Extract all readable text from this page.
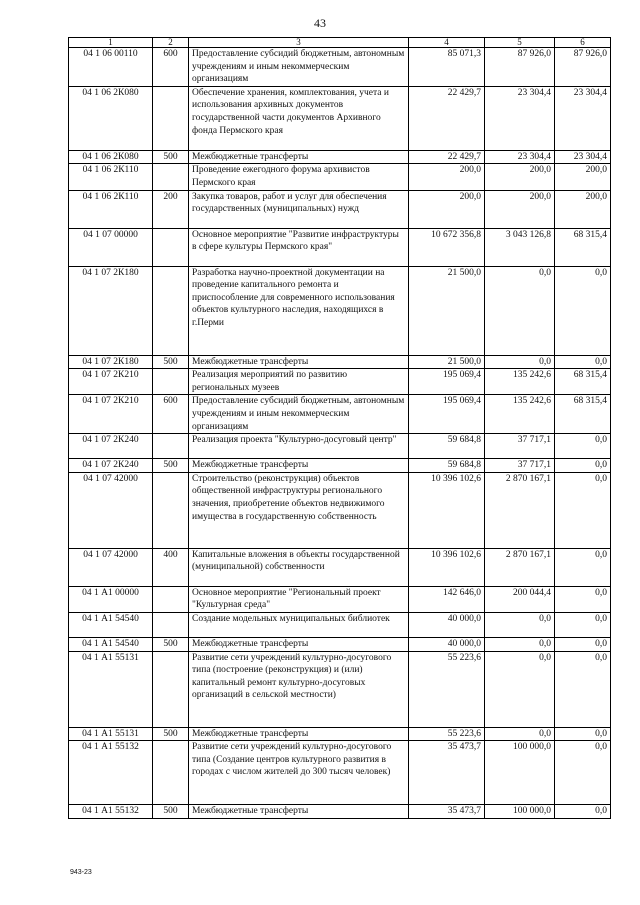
43
1	2	3	4	5	6
04 1 06 00110	600	Предоставление субсидий бюджетным, автономным учреждениям и иным некоммерческим организациям	85 071,3	87 926,0	87 926,0
04 1 06 2К080		Обеспечение хранения, комплектования, учета и использования архивных документов государственной части документов Архивного фонда Пермского края	22 429,7	23 304,4	23 304,4
04 1 06 2К080	500	Межбюджетные трансферты	22 429,7	23 304,4	23 304,4
04 1 06 2К110		Проведение ежегодного форума архивистов Пермского края	200,0	200,0	200,0
04 1 06 2К110	200	Закупка товаров, работ и услуг для обеспечения государственных (муниципальных) нужд	200,0	200,0	200,0
04 1 07 00000		Основное мероприятие "Развитие инфраструктуры в сфере культуры Пермского края"	10 672 356,8	3 043 126,8	68 315,4
04 1 07 2К180		Разработка научно-проектной документации на проведение капитального ремонта и приспособление для современного использования объектов культурного наследия, находящихся в г.Перми	21 500,0	0,0	0,0
04 1 07 2К180	500	Межбюджетные трансферты	21 500,0	0,0	0,0
04 1 07 2К210		Реализация мероприятий по развитию региональных музеев	195 069,4	135 242,6	68 315,4
04 1 07 2К210	600	Предоставление субсидий бюджетным, автономным учреждениям и иным некоммерческим организациям	195 069,4	135 242,6	68 315,4
04 1 07 2К240		Реализация проекта "Культурно-досуговый центр"	59 684,8	37 717,1	0,0
04 1 07 2К240	500	Межбюджетные трансферты	59 684,8	37 717,1	0,0
04 1 07 42000		Строительство (реконструкция) объектов общественной инфраструктуры регионального значения, приобретение объектов недвижимого имущества в государственную собственность	10 396 102,6	2 870 167,1	0,0
04 1 07 42000	400	Капитальные вложения в объекты государственной (муниципальной) собственности	10 396 102,6	2 870 167,1	0,0
04 1 А1 00000		Основное мероприятие "Региональный проект "Культурная среда"	142 646,0	200 044,4	0,0
04 1 А1 54540		Создание модельных муниципальных библиотек	40 000,0	0,0	0,0
04 1 А1 54540	500	Межбюджетные трансферты	40 000,0	0,0	0,0
04 1 А1 55131		Развитие сети учреждений культурно-досугового типа (построение (реконструкция) и (или) капитальный ремонт культурно-досуговых организаций в сельской местности)	55 223,6	0,0	0,0
04 1 А1 55131	500	Межбюджетные трансферты	55 223,6	0,0	0,0
04 1 А1 55132		Развитие сети учреждений культурно-досугового типа (Создание центров культурного развития в городах с числом жителей до 300 тысяч человек)	35 473,7	100 000,0	0,0
04 1 А1 55132	500	Межбюджетные трансферты	35 473,7	100 000,0	0,0
943-23
